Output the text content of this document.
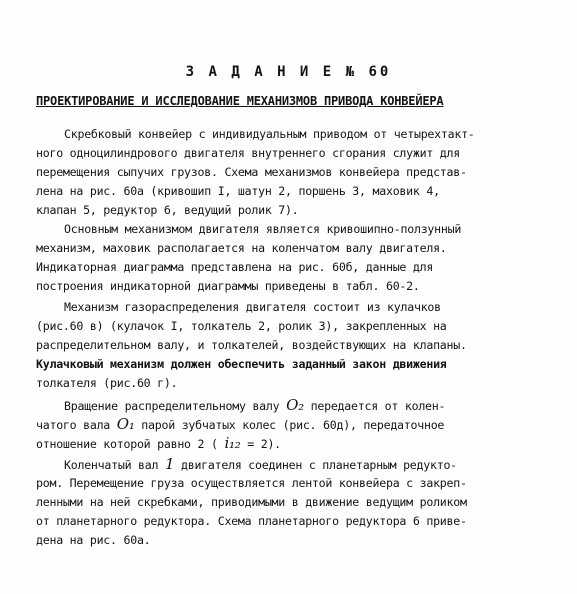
З А Д А Н И Е № 60
ПРОЕКТИРОВАНИЕ И ИССЛЕДОВАНИЕ МЕХАНИЗМОВ ПРИВОДА КОНВЕЙЕРА
Скребковый конвейер с индивидуальным приводом от четырехтакт-
ного одноцилиндрового двигателя внутреннего сгорания служит для
перемещения сыпучих грузов. Схема механизмов конвейера представ-
лена на рис. 60а (кривошип I, шатун 2, поршень 3, маховик 4,
клапан 5, редуктор 6, ведущий ролик 7).
Основным механизмом двигателя является кривошипно-ползунный
механизм, маховик располагается на коленчатом валу двигателя.
Индикаторная диаграмма представлена на рис. 60б, данные для
построения индикаторной диаграммы приведены в табл. 60-2.
Механизм газораспределения двигателя состоит из кулачков
(рис.60 в) (кулачок I, толкатель 2, ролик 3), закрепленных на
распределительном валу, и толкателей, воздействующих на клапаны.
Кулачковый механизм должен обеспечить заданный закон движения
толкателя (рис.60 г).
Вращение распределительному валу O₂ передается от колен-
чатого вала O₁ парой зубчатых колес (рис. 60д), передаточное
отношение которой равно 2 ( i₁₂ = 2).
Коленчатый вал 1 двигателя соединен с планетарным редукто-
ром. Перемещение груза осуществляется лентой конвейера с закреп-
ленными на ней скребками, приводимыми в движение ведущим роликом
от планетарного редуктора. Схема планетарного редуктора 6 приве-
дена на рис. 60а.
